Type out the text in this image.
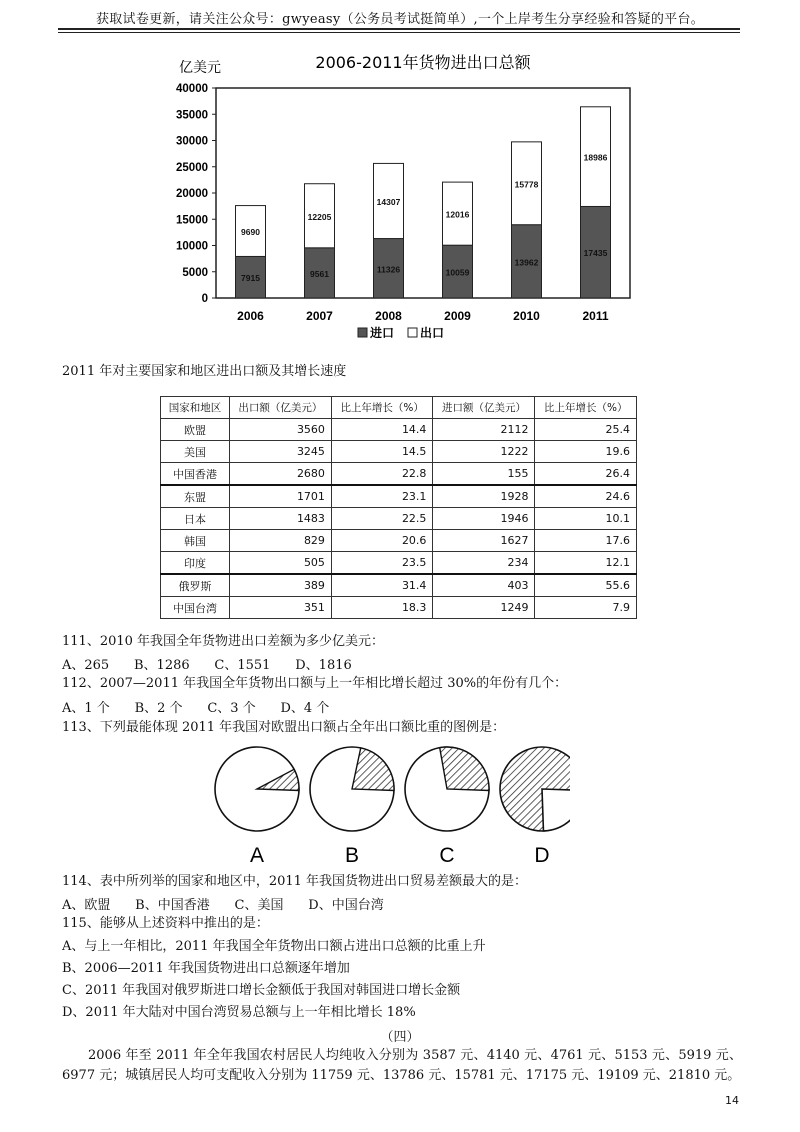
获取试卷更新，请关注公众号：gwyeasy（公务员考试挺简单）,一个上岸考生分享经验和答疑的平台。
亿美元	2006-2011年货物进出口总额
0
5000
10000
15000
20000
25000
30000
35000
40000
7915
9690
2006
9561
12205
2007
11326
14307
2008
10059
12016
2009
13962
15778
2010
17435
18986
2011
进口 出口
2011 年对主要国家和地区进出口额及其增长速度
国家和地区	出口额（亿美元）	比上年增长（%）	进口额（亿美元）	比上年增长（%）
欧盟	3560	14.4	2112	25.4
美国	3245	14.5	1222	19.6
中国香港	2680	22.8	155	26.4
东盟	1701	23.1	1928	24.6
日本	1483	22.5	1946	10.1
韩国	829	20.6	1627	17.6
印度	505	23.5	234	12.1
俄罗斯	389	31.4	403	55.6
中国台湾	351	18.3	1249	7.9
111、2010 年我国全年货物进出口差额为多少亿美元：
A、265      B、1286      C、1551      D、1816
112、2007—2011 年我国全年货物出口额与上一年相比增长超过 30%的年份有几个：
A、1 个      B、2 个      C、3 个      D、4 个
113、下列最能体现 2011 年我国对欧盟出口额占全年出口额比重的图例是：
A	B	C	D
114、表中所列举的国家和地区中，2011 年我国货物进出口贸易差额最大的是：
A、欧盟      B、中国香港      C、美国      D、中国台湾
115、能够从上述资料中推出的是：
A、与上一年相比，2011 年我国全年货物出口额占进出口总额的比重上升
B、2006—2011 年我国货物进出口总额逐年增加
C、2011 年我国对俄罗斯进口增长金额低于我国对韩国进口增长金额
D、2011 年大陆对中国台湾贸易总额与上一年相比增长 18%
（四）
2006 年至 2011 年全年我国农村居民人均纯收入分别为 3587 元、4140 元、4761 元、5153 元、5919 元、6977 元；城镇居民人均可支配收入分别为 11759 元、13786 元、15781 元、17175 元、19109 元、21810 元。
14
